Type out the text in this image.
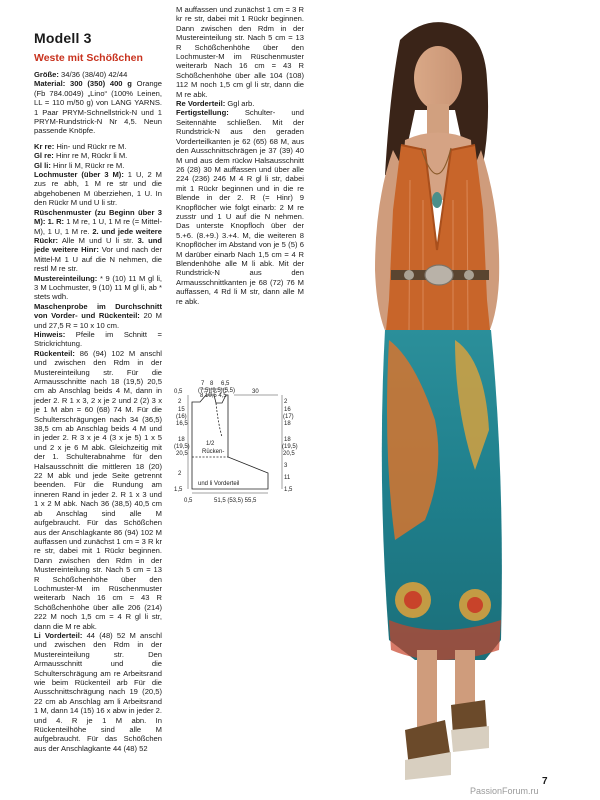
Modell 3
Weste mit Schößchen

Größe: 34/36 (38/40) 42/44

Material: 300 (350) 400 g Orange (Fb 784.0049) „Lino“ (100% Leinen, LL = 110 m/50 g) von LANG YARNS. 1 Paar PRYM-Schnellstrick-N und 1 PRYM-Rundstrick-N Nr 4,5. Neun passende Knöpfe.

Kr re: Hin- und Rückr re M.

Gl re: Hinr re M, Rückr li M.

Gl li: Hinr li M, Rückr re M.

Lochmuster (über 3 M): 1 U, 2 M zus re abh, 1 M re str und die abgehobenen M überziehen, 1 U. In den Rückr M und U li str.

Rüschenmuster (zu Beginn über 3 M): 1. R: 1 M re, 1 U, 1 M re (= Mittel-M), 1 U, 1 M re. 2. und jede weitere Rückr: Alle M und U li str. 3. und jede weitere Hinr: Vor und nach der Mittel-M 1 U auf die N nehmen, die restl M re str.

Mustereinteilung: * 9 (10) 11 M gl li, 3 M Lochmuster, 9 (10) 11 M gl li, ab * stets wdh.

Maschenprobe im Durchschnitt von Vorder- und Rückenteil: 20 M und 27,5 R = 10 x 10 cm.

Hinweis: Pfeile im Schnitt = Strickrichtung.

Rückenteil: 86 (94) 102 M anschl und zwischen den Rdm in der Mustereinteilung str. Für die Armausschnitte nach 18 (19,5) 20,5 cm ab Anschlag beids 4 M, dann in jeder 2. R 1 x 3, 2 x je 2 und 2 (2) 3 x je 1 M abn = 60 (68) 74 M. Für die Schulterschrägungen nach 34 (36,5) 38,5 cm ab Anschlag beids 4 M und in jeder 2. R 3 x je 4 (3 x je 5) 1 x 5 und 2 x je 6 M abk. Gleichzeitig mit der 1. Schulterabnahme für den Halsausschnitt die mittleren 18 (20) 22 M abk und jede Seite getrennt beenden. Für die Rundung am inneren Rand in jeder 2. R 1 x 3 und 1 x 2 M abk. Nach 36 (38,5) 40,5 cm ab Anschlag sind alle M aufgebraucht. Für das Schößchen aus der Anschlagkante 86 (94) 102 M auffassen und zunächst 1 cm = 3 R kr re str, dabei mit 1 Rückr beginnen. Dann zwischen den Rdm in der Mustereinteilung str. Nach 5 cm = 13 R Schößchenhöhe über den Lochmuster-M im Rüschenmuster weiterarb Nach 16 cm = 43 R Schößchenhöhe über alle 206 (214) 222 M noch 1,5 cm = 4 R gl li str, dann die M re abk.

Li Vorderteil: 44 (48) 52 M anschl und zwischen den Rdm in der Mustereinteilung str. Den Armausschnitt und die Schulterschrägung am re Arbeitsrand wie beim Rückenteil arb Für die Ausschnittschrägung nach 19 (20,5) 22 cm ab Anschlag am li Arbeitsrand 1 M, dann 14 (15) 16 x abw in jeder 2. und 4. R je 1 M abn. In Rückenteilhöhe sind alle M aufgebraucht. Für das Schößchen aus der Anschlagkante 44 (48) 52

M auffassen und zunächst 1 cm = 3 R kr re str, dabei mit 1 Rückr beginnen. Dann zwischen den Rdm in der Mustereinteilung str. Nach 5 cm = 13 R Schößchenhöhe über den Lochmuster-M im Rüschenmuster weiterarb Nach 16 cm = 43 R Schößchenhöhe über alle 104 (108) 112 M noch 1,5 cm gl li str, dann die M re abk.

Re Vorderteil: Ggl arb.

Fertigstellung: Schulter- und Seitennähte schließen. Mit der Rundstrick-N aus den geraden Vorderteilkanten je 62 (65) 68 M, aus den Ausschnittschrägen je 37 (39) 40 M und aus dem rückw Halsausschnitt 26 (28) 30 M auffassen und über alle 224 (236) 246 M 4 R gl li str, dabei mit 1 Rückr beginnen und in die re Blende in der 2. R (= Hinr) 9 Knopflöcher wie folgt einarb: 2 M re zusstr und 1 U auf die N nehmen. Das unterste Knopfloch über der 5.+6. (8.+9.) 3.+4. M, die weiteren 8 Knopflöcher im Abstand von je 5 (5) 6 M darüber einarb Nach 1,5 cm = 4 R Blendenhöhe alle M li abk. Mit der Rundstrick-N aus den Armausschnittkanten je 68 (72) 76 M auffassen, 4 Rd li M str, dann alle M re abk.

7 8 6,5
(7,5)(9,5)(5,5)
8 10,5 4,5
30
0,5
2
15
(16)
16,5
18
(19,5)
20,5
2
1,5
2
16
(17)
18
18
(19,5)
20,5
3
11
1,5
0,5	51,5 (53,5) 55,5
1/2
Rücken-
und li Vorderteil
7
PassionForum.ru
